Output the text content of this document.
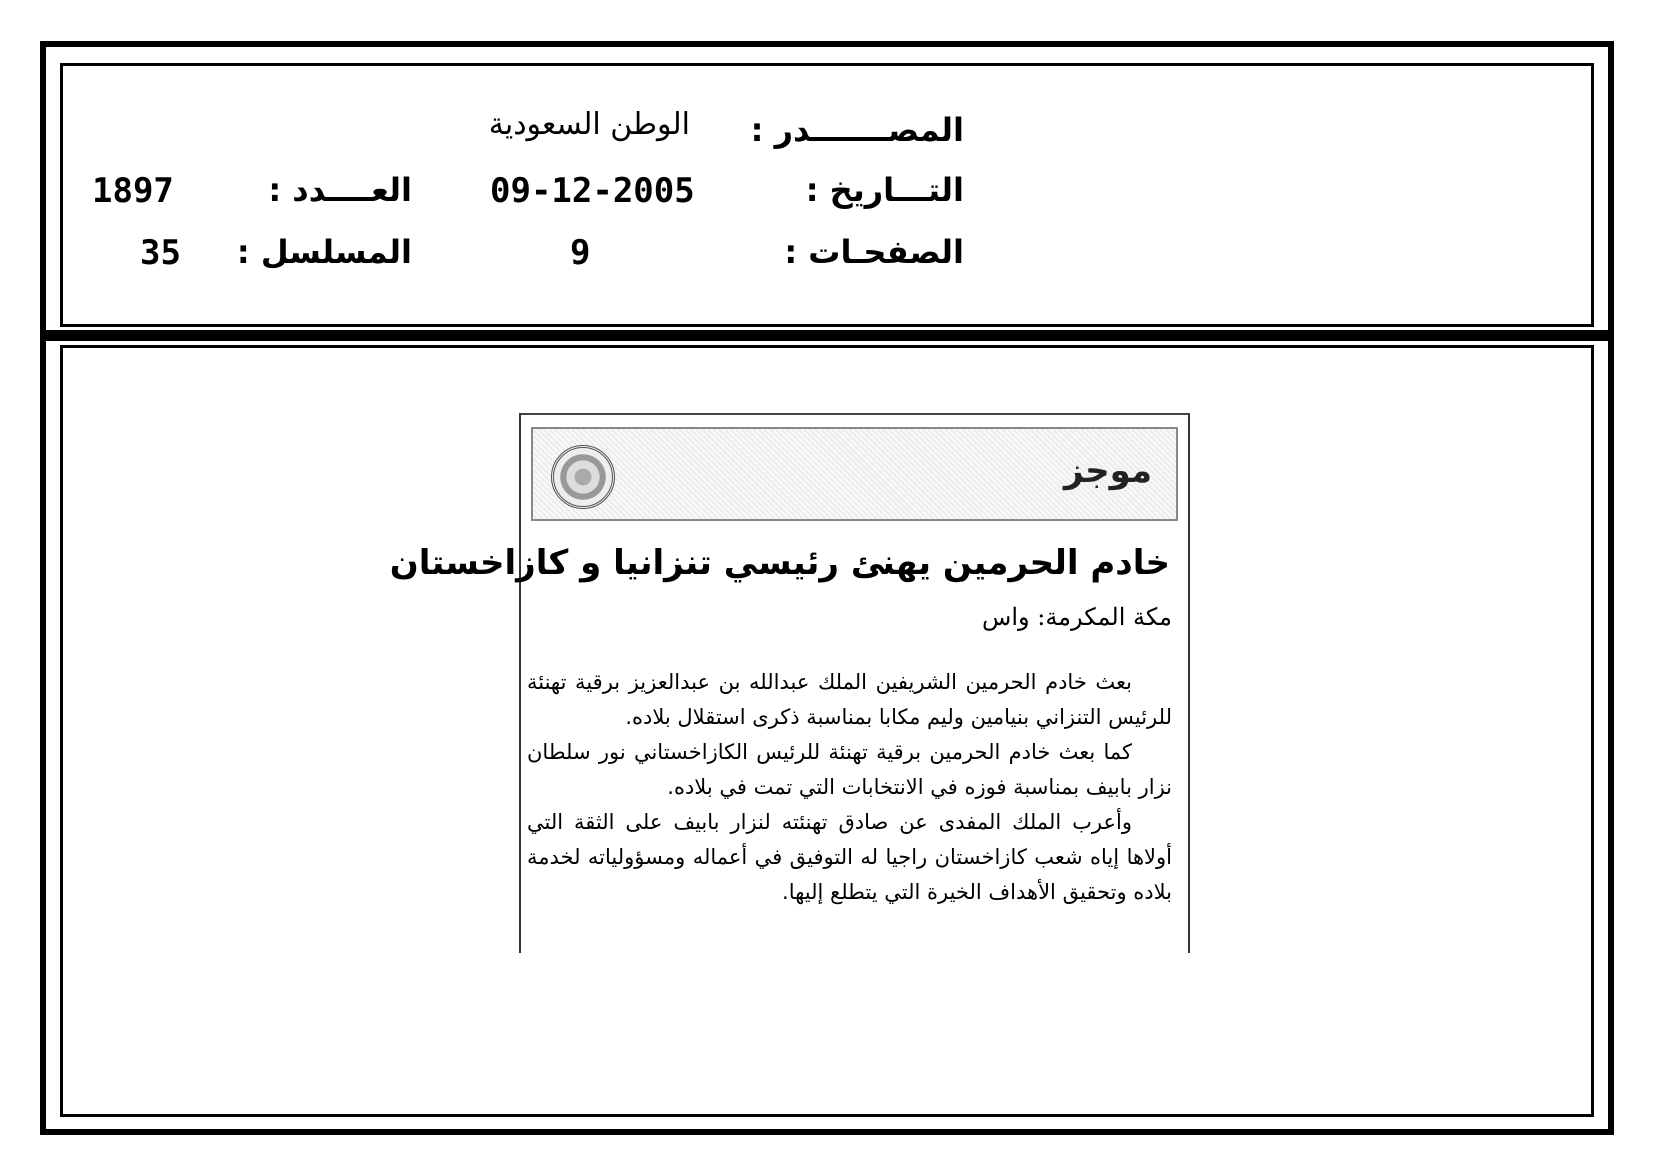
المصـــــــدر :
الوطن السعودية
التـــاريخ :
09-12-2005
العــــدد :
1897
الصفحـات :
9
المسلسل :
35
موجز
خادم الحرمين يهنئ رئيسي تنزانيا و كازاخستان
مكة المكرمة: واس

بعث خادم الحرمين الشريفين الملك عبدالله بن عبدالعزيز برقية تهنئة للرئيس التنزاني بنيامين وليم مكابا بمناسبة ذكرى استقلال بلاده.

كما بعث خادم الحرمين برقية تهنئة للرئيس الكازاخستاني نور سلطان نزار بابيف بمناسبة فوزه في الانتخابات التي تمت في بلاده.

وأعرب الملك المفدى عن صادق تهنئته لنزار بابيف على الثقة التي أولاها إياه شعب كازاخستان راجيا له التوفيق في أعماله ومسؤولياته لخدمة بلاده وتحقيق الأهداف الخيرة التي يتطلع إليها.
